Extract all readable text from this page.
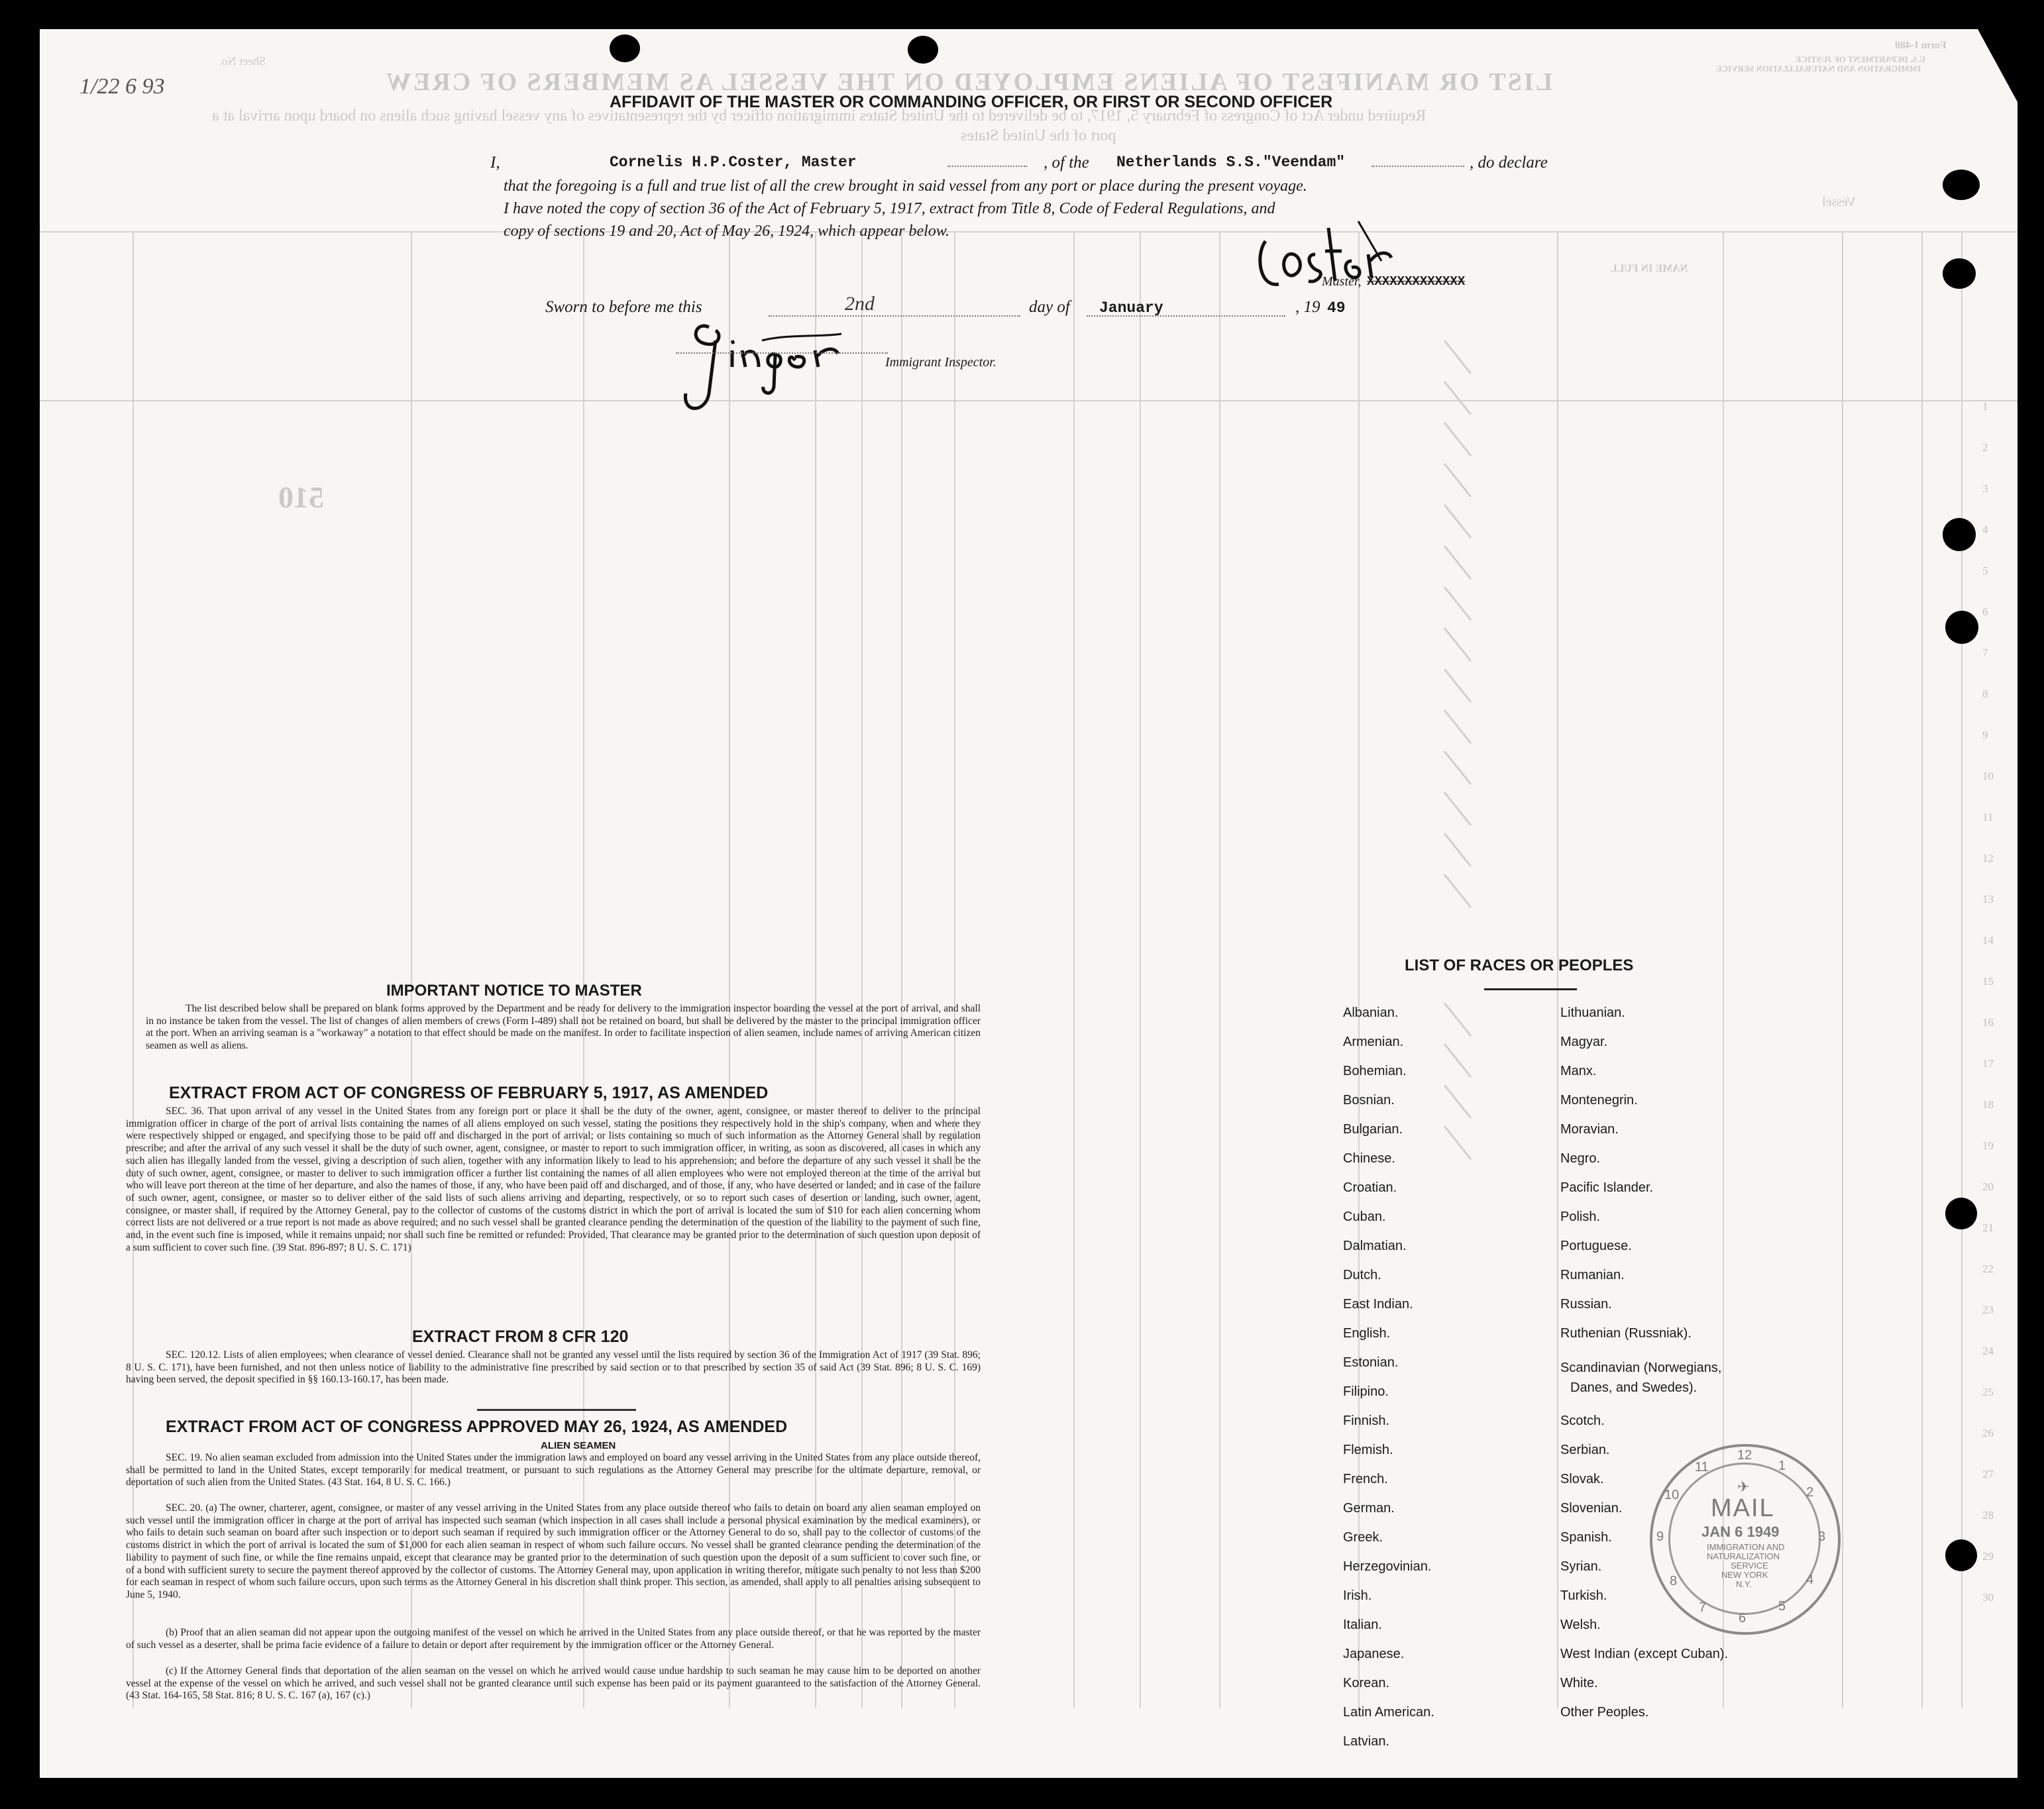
LIST OR MANIFEST OF ALIENS EMPLOYED ON THE VESSEL AS MEMBERS OF CREW
Required under Act of Congress of February 5, 1917, to be delivered to the United States immigration officer by the representatives of any vessel having such aliens on board upon arrival at a
port of the United States
Form I-480
U.S. DEPARTMENT OF JUSTICE
IMMIGRATION AND NATURALIZATION SERVICE
Vessel
Sheet No.
510
NAME IN FULL
1/22 6 93
1
2
3
4
5
6
7
8
9
10
11
12
13
14
15
16
17
18
19
20
21
22
23
24
25
26
27
28
29
30
AFFIDAVIT OF THE MASTER OR COMMANDING OFFICER, OR FIRST OR SECOND OFFICER
I,	Cornelis H.P.Coster, Master	, of the Netherlands S.S."Veendam"	, do declare
that the foregoing is a full and true list of all the crew brought in said vessel from any port or place during the present voyage.
I have noted the copy of section 36 of the Act of February 5, 1917, extract from Title 8, Code of Federal Regulations, and
copy of sections 19 and 20, Act of May 26, 1924, which appear below.
Master, XXXXXXXXXXXXX
Sworn to before me this	2nd	day of January	, 19 49
Immigrant Inspector.
IMPORTANT NOTICE TO MASTER
The list described below shall be prepared on blank forms approved by the Department and be ready for delivery to the immigration inspector boarding the vessel at the port of arrival, and shall in no instance be taken from the vessel. The list of changes of alien members of crews (Form I-489) shall not be retained on board, but shall be delivered by the master to the principal immigration officer at the port. When an arriving seaman is a "workaway" a notation to that effect should be made on the manifest. In order to facilitate inspection of alien seamen, include names of arriving American citizen seamen as well as aliens.
EXTRACT FROM ACT OF CONGRESS OF FEBRUARY 5, 1917, AS AMENDED
SEC. 36. That upon arrival of any vessel in the United States from any foreign port or place it shall be the duty of the owner, agent, consignee, or master thereof to deliver to the principal immigration officer in charge of the port of arrival lists containing the names of all aliens employed on such vessel, stating the positions they respectively hold in the ship's company, when and where they were respectively shipped or engaged, and specifying those to be paid off and discharged in the port of arrival; or lists containing so much of such information as the Attorney General shall by regulation prescribe; and after the arrival of any such vessel it shall be the duty of such owner, agent, consignee, or master to report to such immigration officer, in writing, as soon as discovered, all cases in which any such alien has illegally landed from the vessel, giving a description of such alien, together with any information likely to lead to his apprehension; and before the departure of any such vessel it shall be the duty of such owner, agent, consignee, or master to deliver to such immigration officer a further list containing the names of all alien employees who were not employed thereon at the time of the arrival but who will leave port thereon at the time of her departure, and also the names of those, if any, who have been paid off and discharged, and of those, if any, who have deserted or landed; and in case of the failure of such owner, agent, consignee, or master so to deliver either of the said lists of such aliens arriving and departing, respectively, or so to report such cases of desertion or landing, such owner, agent, consignee, or master shall, if required by the Attorney General, pay to the collector of customs of the customs district in which the port of arrival is located the sum of $10 for each alien concerning whom correct lists are not delivered or a true report is not made as above required; and no such vessel shall be granted clearance pending the determination of the question of the liability to the payment of such fine, and, in the event such fine is imposed, while it remains unpaid; nor shall such fine be remitted or refunded: Provided, That clearance may be granted prior to the determination of such question upon deposit of a sum sufficient to cover such fine. (39 Stat. 896-897; 8 U. S. C. 171)
EXTRACT FROM 8 CFR 120
SEC. 120.12. Lists of alien employees; when clearance of vessel denied. Clearance shall not be granted any vessel until the lists required by section 36 of the Immigration Act of 1917 (39 Stat. 896; 8 U. S. C. 171), have been furnished, and not then unless notice of liability to the administrative fine prescribed by said section or to that prescribed by section 35 of said Act (39 Stat. 896; 8 U. S. C. 169) having been served, the deposit specified in §§ 160.13-160.17, has been made.
EXTRACT FROM ACT OF CONGRESS APPROVED MAY 26, 1924, AS AMENDED
ALIEN SEAMEN
SEC. 19. No alien seaman excluded from admission into the United States under the immigration laws and employed on board any vessel arriving in the United States from any place outside thereof, shall be permitted to land in the United States, except temporarily for medical treatment, or pursuant to such regulations as the Attorney General may prescribe for the ultimate departure, removal, or deportation of such alien from the United States. (43 Stat. 164, 8 U. S. C. 166.)
SEC. 20. (a) The owner, charterer, agent, consignee, or master of any vessel arriving in the United States from any place outside thereof who fails to detain on board any alien seaman employed on such vessel until the immigration officer in charge at the port of arrival has inspected such seaman (which inspection in all cases shall include a personal physical examination by the medical examiners), or who fails to detain such seaman on board after such inspection or to deport such seaman if required by such immigration officer or the Attorney General to do so, shall pay to the collector of customs of the customs district in which the port of arrival is located the sum of $1,000 for each alien seaman in respect of whom such failure occurs. No vessel shall be granted clearance pending the determination of the liability to payment of such fine, or while the fine remains unpaid, except that clearance may be granted prior to the determination of such question upon the deposit of a sum sufficient to cover such fine, or of a bond with sufficient surety to secure the payment thereof approved by the collector of customs. The Attorney General may, upon application in writing therefor, mitigate such penalty to not less than $200 for each seaman in respect of whom such failure occurs, upon such terms as the Attorney General in his discretion shall think proper. This section, as amended, shall apply to all penalties arising subsequent to June 5, 1940.
(b) Proof that an alien seaman did not appear upon the outgoing manifest of the vessel on which he arrived in the United States from any place outside thereof, or that he was reported by the master of such vessel as a deserter, shall be prima facie evidence of a failure to detain or deport after requirement by the immigration officer or the Attorney General.
(c) If the Attorney General finds that deportation of the alien seaman on the vessel on which he arrived would cause undue hardship to such seaman he may cause him to be deported on another vessel at the expense of the vessel on which he arrived, and such vessel shall not be granted clearance until such expense has been paid or its payment guaranteed to the satisfaction of the Attorney General. (43 Stat. 164-165, 58 Stat. 816; 8 U. S. C. 167 (a), 167 (c).)
LIST OF RACES OR PEOPLES
Albanian.
Armenian.
Bohemian.
Bosnian.
Bulgarian.
Chinese.
Croatian.
Cuban.
Dalmatian.
Dutch.
East Indian.
English.
Estonian.
Filipino.
Finnish.
Flemish.
French.
German.
Greek.
Herzegovinian.
Irish.
Italian.
Japanese.
Korean.
Latin American.
Latvian.
Lithuanian.
Magyar.
Manx.
Montenegrin.
Moravian.
Negro.
Pacific Islander.
Polish.
Portuguese.
Rumanian.
Russian.
Ruthenian (Russniak).
Scandinavian (Norwegians,
Danes, and Swedes).
Scotch.
Serbian.
Slovak.
Slovenian.
Spanish.
Syrian.
Turkish.
Welsh.
West Indian (except Cuban).
White.
Other Peoples.
12
1
2
3
4
5
6
7
8
9
10
11
✈
MAIL
JAN 6 1949
IMMIGRATION AND
NATURALIZATION
SERVICE
NEW YORK
N.Y.
